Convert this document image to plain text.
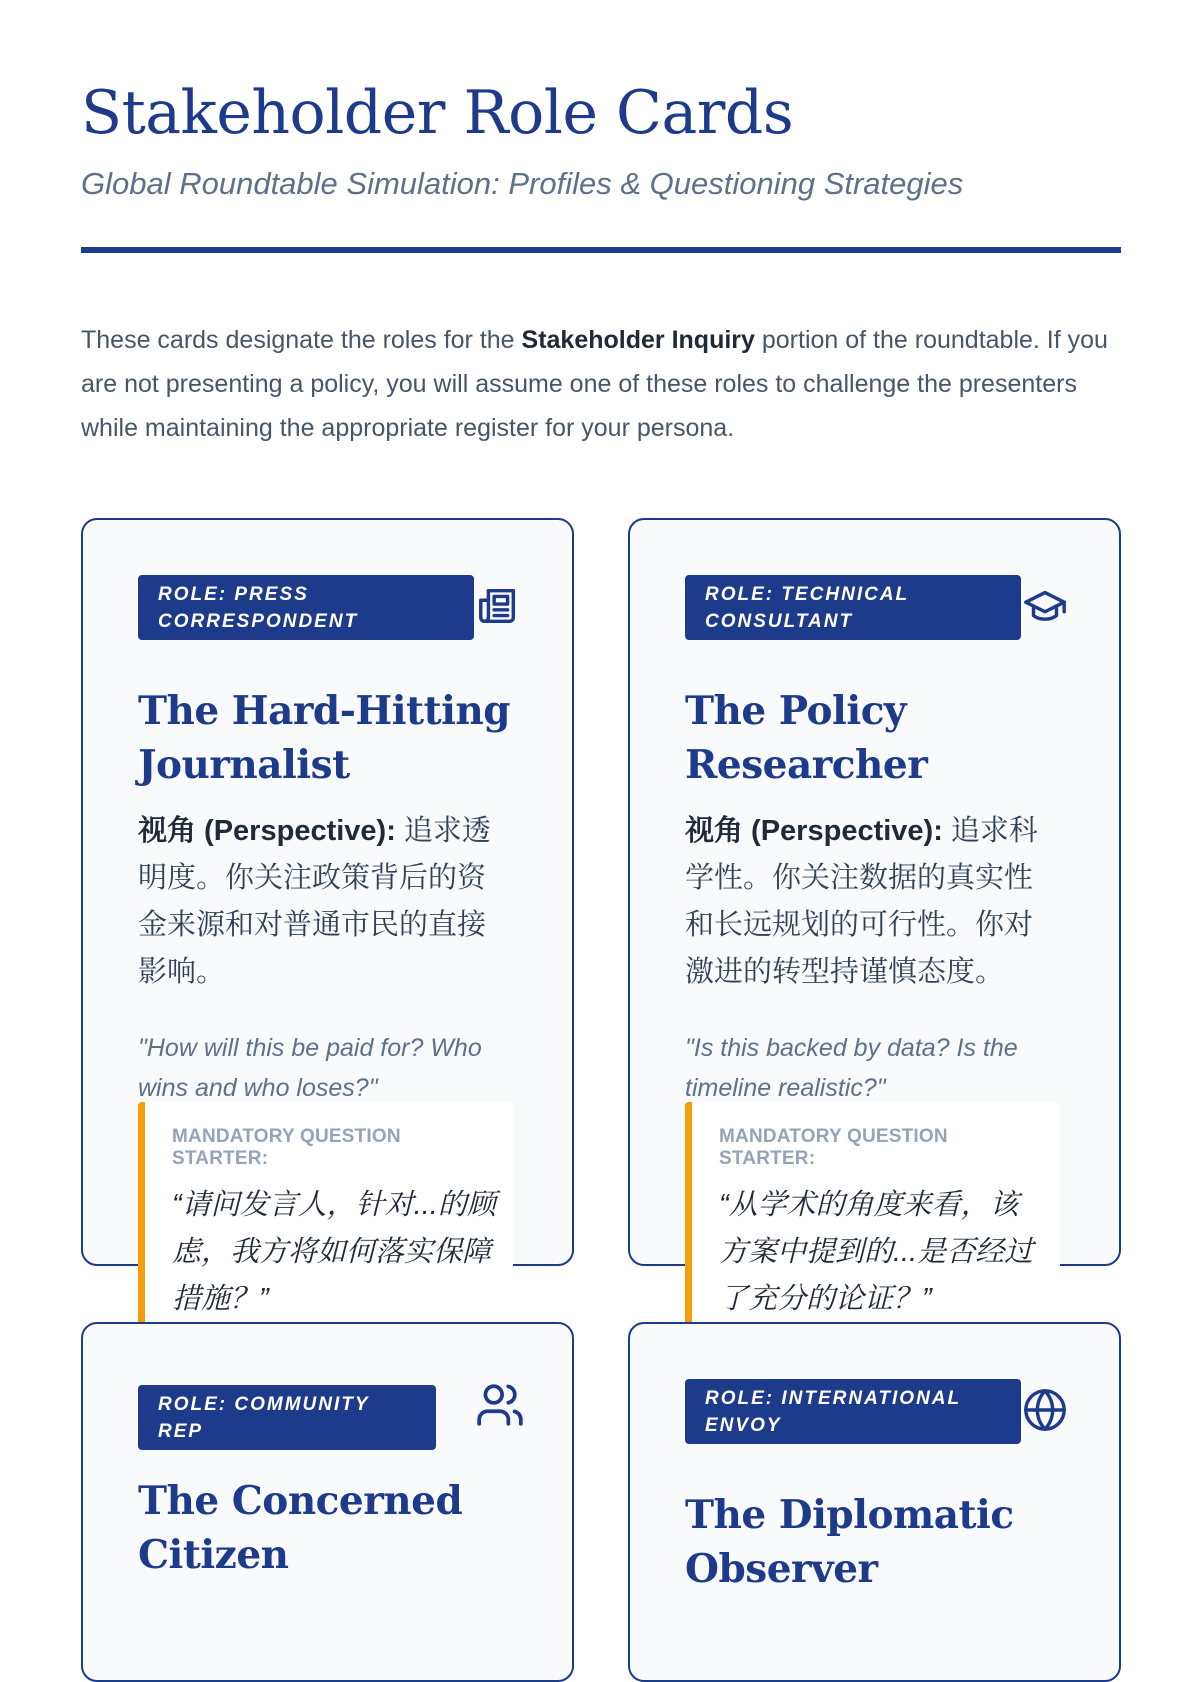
Stakeholder Role Cards

Global Roundtable Simulation: Profiles & Questioning Strategies

These cards designate the roles for the Stakeholder Inquiry portion of the roundtable. If you are not presenting a policy, you will assume one of these roles to challenge the presenters while maintaining the appropriate register for your persona.

ROLE: PRESS
CORRESPONDENT
The Hard-Hitting
Journalist

视角 (Perspective): 追求透明度。你关注政策背后的资金来源和对普通市民的直接影响。

"How will this be paid for? Who wins and who loses?"

MANDATORY QUESTION STARTER:

“请问发言人，针对...的顾虑，我方将如何落实保障措施？”

ROLE: TECHNICAL
CONSULTANT
The Policy
Researcher

视角 (Perspective): 追求科学性。你关注数据的真实性和长远规划的可行性。你对激进的转型持谨慎态度。

"Is this backed by data? Is the timeline realistic?"

MANDATORY QUESTION STARTER:

“从学术的角度来看，该方案中提到的...是否经过了充分的论证？”

ROLE: COMMUNITY REP
The Concerned
Citizen
ROLE: INTERNATIONAL
ENVOY
The Diplomatic
Observer
